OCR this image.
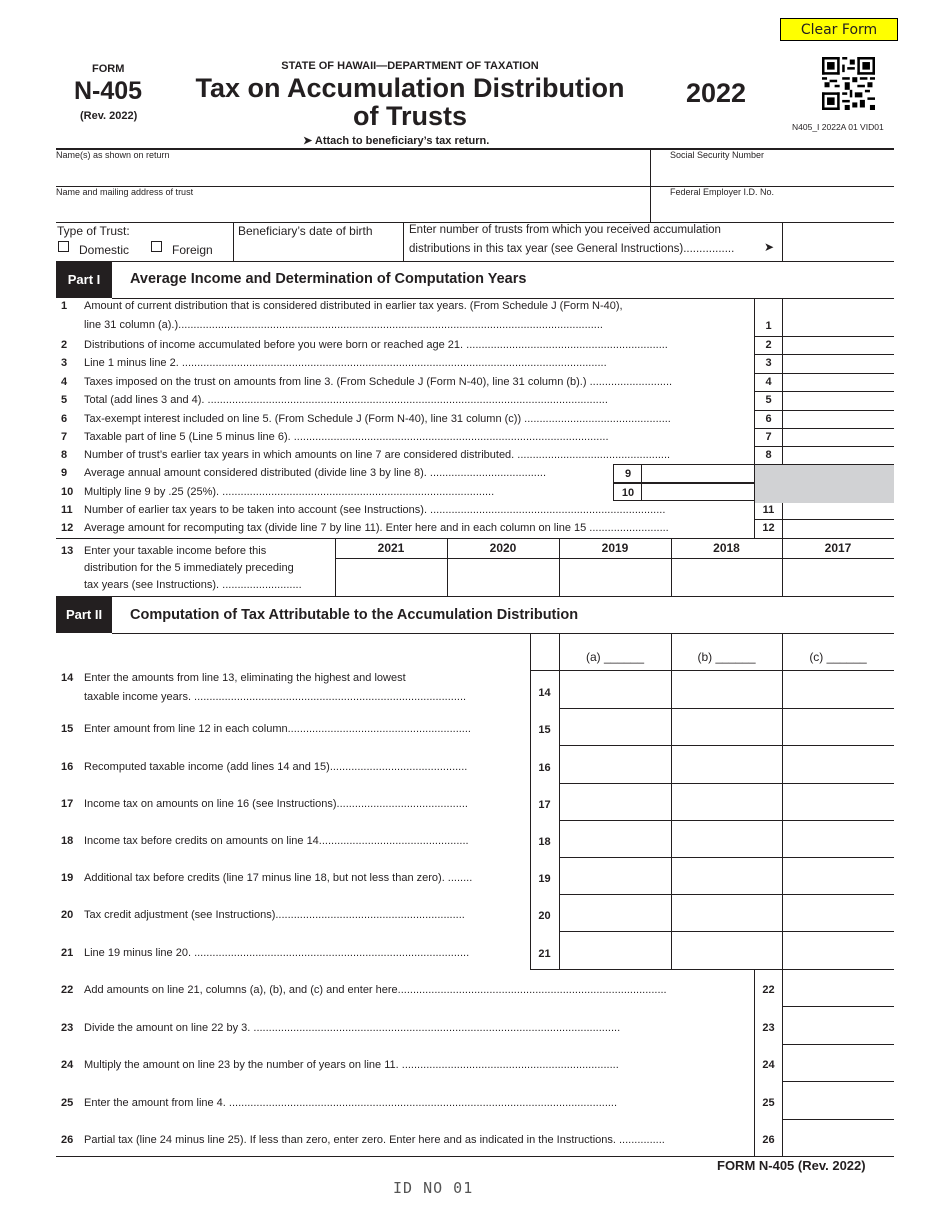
Clear Form
FORM
N-405
(Rev. 2022)
STATE OF HAWAII—DEPARTMENT OF TAXATION
Tax on Accumulation Distribution
of Trusts
➤ Attach to beneficiary’s tax return.
2022
N405_I 2022A 01 VID01
Name(s) as shown on return	Social Security Number
Name and mailing address of trust	Federal Employer I.D. No.
Type of Trust:
Domestic	Foreign
Beneficiary’s date of birth	Enter number of trusts from which you received accumulation
distributions in this tax year (see General Instructions)................ ➤
Part I	Average Income and Determination of Computation Years
1 Amount of current distribution that is considered distributed in earlier tax years. (From Schedule J (Form N-40),
line 31 column (a).)...........................................................................................................................................	1
2 Distributions of income accumulated before you were born or reached age 21. ..................................................................	2
3 Line 1 minus line 2. ...........................................................................................................................................	3
4 Taxes imposed on the trust on amounts from line 3. (From Schedule J (Form N-40), line 31 column (b).) ...........................	4
5 Total (add lines 3 and 4). ...................................................................................................................................	5
6 Tax-exempt interest included on line 5. (From Schedule J (Form N-40), line 31 column (c)) ................................................	6
7 Taxable part of line 5 (Line 5 minus line 6). .......................................................................................................	7
8 Number of trust’s earlier tax years in which amounts on line 7 are considered distributed. ..................................................	8
9 Average annual amount considered distributed (divide line 3 by line 8). ......................................	9
10 Multiply line 9 by .25 (25%). .........................................................................................	10
11 Number of earlier tax years to be taken into account (see Instructions). .............................................................................	11
12 Average amount for recomputing tax (divide line 7 by line 11). Enter here and in each column on line 15 ..........................	12
13 Enter your taxable income before this
distribution for the 5 immediately preceding
tax years (see Instructions). ..........................
2021	2020	2019	2018	2017
Part II	Computation of Tax Attributable to the Accumulation Distribution
(a) ______	(b) ______	(c) ______
14 Enter the amounts from line 13, eliminating the highest and lowest
taxable income years. .........................................................................................	14
15 Enter amount from line 12 in each column............................................................	15
16 Recomputed taxable income (add lines 14 and 15).............................................	16
17 Income tax on amounts on line 16 (see Instructions)...........................................	17
18 Income tax before credits on amounts on line 14.................................................	18
19 Additional tax before credits (line 17 minus line 18, but not less than zero). ........	19
20 Tax credit adjustment (see Instructions)..............................................................	20
21 Line 19 minus line 20. ..........................................................................................	21
22 Add amounts on line 21, columns (a), (b), and (c) and enter here........................................................................................	22
23 Divide the amount on line 22 by 3. ........................................................................................................................	23
24 Multiply the amount on line 23 by the number of years on line 11. .......................................................................	24
25 Enter the amount from line 4. ...............................................................................................................................	25
26 Partial tax (line 24 minus line 25). If less than zero, enter zero. Enter here and as indicated in the Instructions. ...............	26
FORM N-405 (Rev. 2022)
ID NO 01
